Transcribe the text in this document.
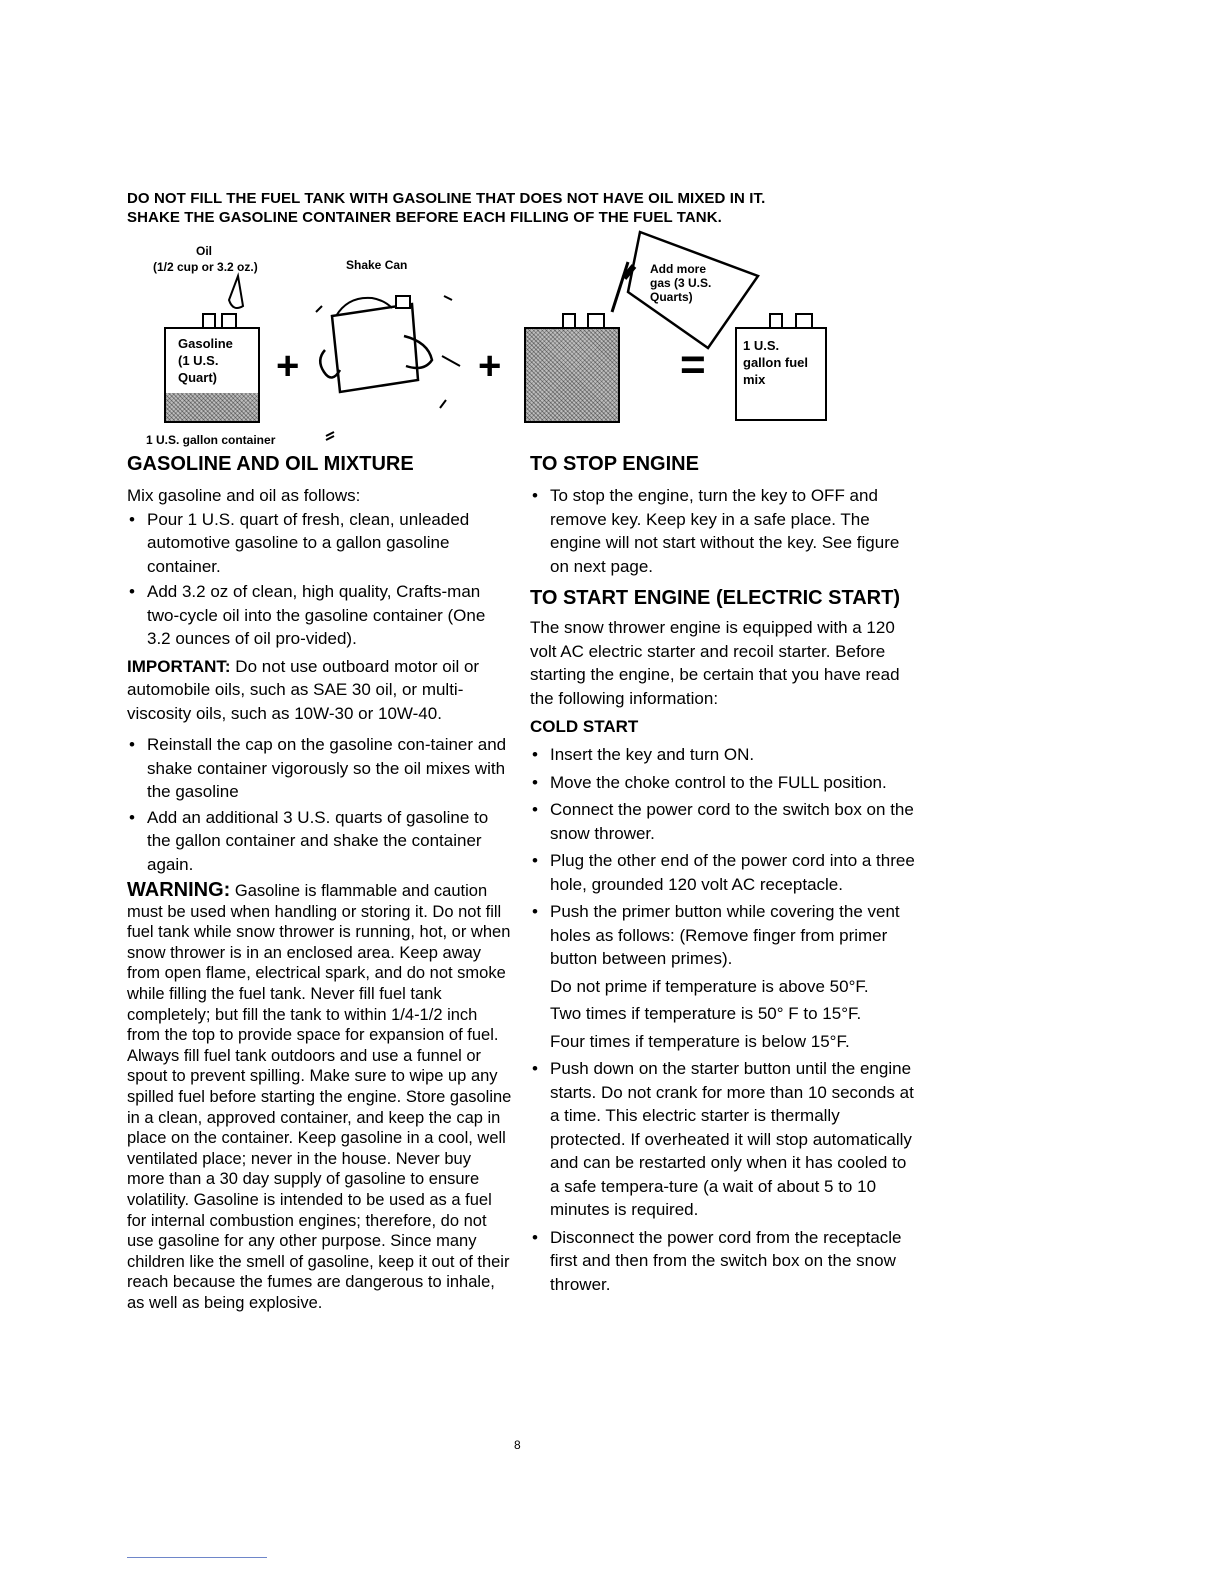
DO NOT FILL THE FUEL TANK WITH GASOLINE THAT DOES NOT HAVE OIL MIXED IN IT.
SHAKE THE GASOLINE CONTAINER BEFORE EACH FILLING OF THE FUEL TANK.
Oil
(1/2 cup or 3.2 oz.)	Shake Can
Gasoline
(1 U.S.
Quart)
1 U.S. gallon container
+	+
Add more
gas (3 U.S.
Quarts)
=	1 U.S.
gallon fuel
mix
GASOLINE AND OIL MIXTURE

Mix gasoline and oil as follows:

• Pour 1 U.S. quart of fresh, clean, unleaded automotive gasoline to a gallon gasoline container.
• Add 3.2 oz of clean, high quality, Crafts-man two-cycle oil into the gasoline container (One 3.2 ounces of oil pro-vided).

IMPORTANT: Do not use outboard motor oil or automobile oils, such as SAE 30 oil, or multi-viscosity oils, such as 10W-30 or 10W-40.

• Reinstall the cap on the gasoline con-tainer and shake container vigorously so the oil mixes with the gasoline
• Add an additional 3 U.S. quarts of gasoline to the gallon container and shake the container again.

WARNING: Gasoline is flammable and caution must be used when handling or storing it. Do not fill fuel tank while snow thrower is running, hot, or when snow thrower is in an enclosed area. Keep away from open flame, electrical spark, and do not smoke while filling the fuel tank. Never fill fuel tank completely; but fill the tank to within 1/4-1/2 inch from the top to provide space for expansion of fuel. Always fill fuel tank outdoors and use a funnel or spout to prevent spilling. Make sure to wipe up any spilled fuel before starting the engine. Store gasoline in a clean, approved container, and keep the cap in place on the container. Keep gasoline in a cool, well ventilated place; never in the house. Never buy more than a 30 day supply of gasoline to ensure volatility. Gasoline is intended to be used as a fuel for internal combustion engines; therefore, do not use gasoline for any other purpose. Since many children like the smell of gasoline, keep it out of their reach because the fumes are dangerous to inhale, as well as being explosive.

TO STOP ENGINE
• To stop the engine, turn the key to OFF and remove key. Keep key in a safe place. The engine will not start without the key. See figure on next page.
TO START ENGINE (ELECTRIC START)

The snow thrower engine is equipped with a 120 volt AC electric starter and recoil starter. Before starting the engine, be certain that you have read the following information:

COLD START
• Insert the key and turn ON.
• Move the choke control to the FULL position.
• Connect the power cord to the switch box on the snow thrower.
• Plug the other end of the power cord into a three hole, grounded 120 volt AC receptacle.
• Push the primer button while covering the vent holes as follows: (Remove finger from primer button between primes).
Do not prime if temperature is above 50°F.
Two times if temperature is 50° F to 15°F.
Four times if temperature is below 15°F.
• Push down on the starter button until the engine starts. Do not crank for more than 10 seconds at a time. This electric starter is thermally protected. If overheated it will stop automatically and can be restarted only when it has cooled to a safe tempera-ture (a wait of about 5 to 10 minutes is required.
• Disconnect the power cord from the receptacle first and then from the switch box on the snow thrower.
8
